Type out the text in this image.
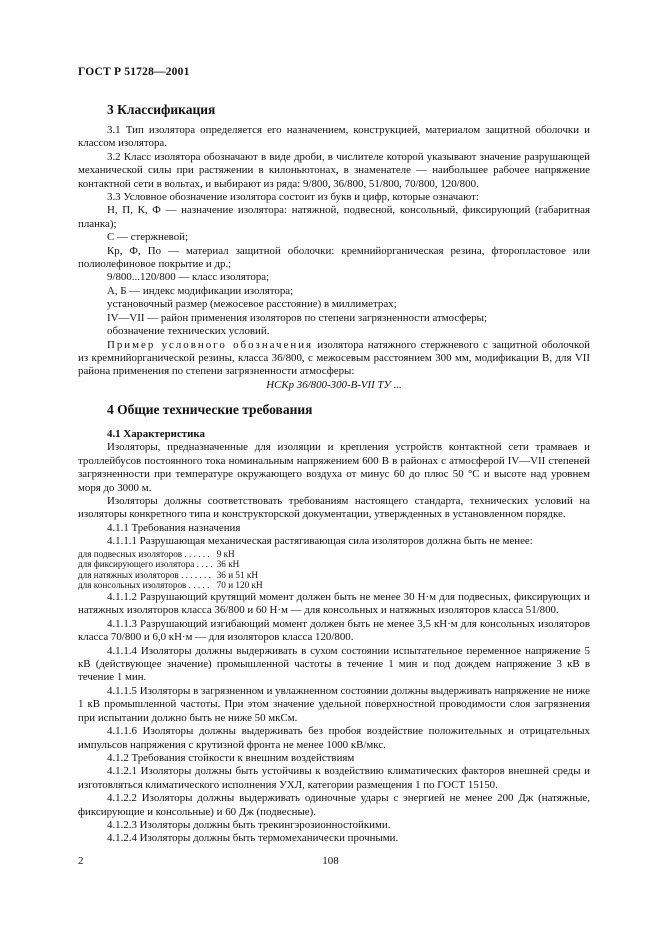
ГОСТ Р 51728—2001
3 Классификация

3.1 Тип изолятора определяется его назначением, конструкцией, материалом защитной оболочки и классом изолятора.

3.2 Класс изолятора обозначают в виде дроби, в числителе которой указывают значение разрушающей механической силы при растяжении в килоньютонах, в знаменателе — наибольшее рабочее напряжение контактной сети в вольтах, и выбирают из ряда: 9/800, 36/800, 51/800, 70/800, 120/800.

3.3 Условное обозначение изолятора состоит из букв и цифр, которые означают:

Н, П, К, Ф — назначение изолятора: натяжной, подвесной, консольный, фиксирующий (габаритная планка);

С — стержневой;

Кр, Ф, По — материал защитной оболочки: кремнийорганическая резина, фторопластовое или полиолефиновое покрытие и др.;

9/800...120/800 — класс изолятора;

А, Б — индекс модификации изолятора;

установочный размер (межосевое расстояние) в миллиметрах;

IV—VII — район применения изоляторов по степени загрязненности атмосферы;

обозначение технических условий.

Пример условного обозначения изолятора натяжного стержневого с защитной оболочкой из кремнийорганической резины, класса 36/800, с межосевым расстоянием 300 мм, модификации В, для VII района применения по степени загрязненности атмосферы:

НСКр 36/800-300-В-VII ТУ ...

4 Общие технические требования

4.1 Характеристика

Изоляторы, предназначенные для изоляции и крепления устройств контактной сети трамваев и троллейбусов постоянного тока номинальным напряжением 600 В в районах с атмосферой IV—VII степеней загрязненности при температуре окружающего воздуха от минус 60 до плюс 50 °С и высоте над уровнем моря до 3000 м.

Изоляторы должны соответствовать требованиям настоящего стандарта, технических условий на изоляторы конкретного типа и конструкторской документации, утвержденных в установленном порядке.

4.1.1 Требования назначения

4.1.1.1 Разрушающая механическая растягивающая сила изоляторов должна быть не менее:

для подвесных изоляторов . . . . . .	9 кН
для фиксирующего изолятора . . . .	36 кН
для натяжных изоляторов . . . . . . .	36 и 51 кН
для консольных изоляторов . . . . .	70 и 120 кН

4.1.1.2 Разрушающий крутящий момент должен быть не менее 30 Н·м для подвесных, фиксирующих и натяжных изоляторов класса 36/800 и 60 Н·м — для консольных и натяжных изоляторов класса 51/800.

4.1.1.3 Разрушающий изгибающий момент должен быть не менее 3,5 кН·м для консольных изоляторов класса 70/800 и 6,0 кН·м — для изоляторов класса 120/800.

4.1.1.4 Изоляторы должны выдерживать в сухом состоянии испытательное переменное напряжение 5 кВ (действующее значение) промышленной частоты в течение 1 мин и под дождем напряжение 3 кВ в течение 1 мин.

4.1.1.5 Изоляторы в загрязненном и увлажненном состоянии должны выдерживать напряжение не ниже 1 кВ промышленной частоты. При этом значение удельной поверхностной проводимости слоя загрязнения при испытании должно быть не ниже 50 мкСм.

4.1.1.6 Изоляторы должны выдерживать без пробоя воздействие положительных и отрицательных импульсов напряжения с крутизной фронта не менее 1000 кВ/мкс.

4.1.2 Требования стойкости к внешним воздействиям

4.1.2.1 Изоляторы должны быть устойчивы к воздействию климатических факторов внешней среды и изготовляться климатического исполнения УХЛ, категории размещения 1 по ГОСТ 15150.

4.1.2.2 Изоляторы должны выдерживать одиночные удары с энергией не менее 200 Дж (натяжные, фиксирующие и консольные) и 60 Дж (подвесные).

4.1.2.3 Изоляторы должны быть трекингэрозионностойкими.

4.1.2.4 Изоляторы должны быть термомеханически прочными.

2	108
